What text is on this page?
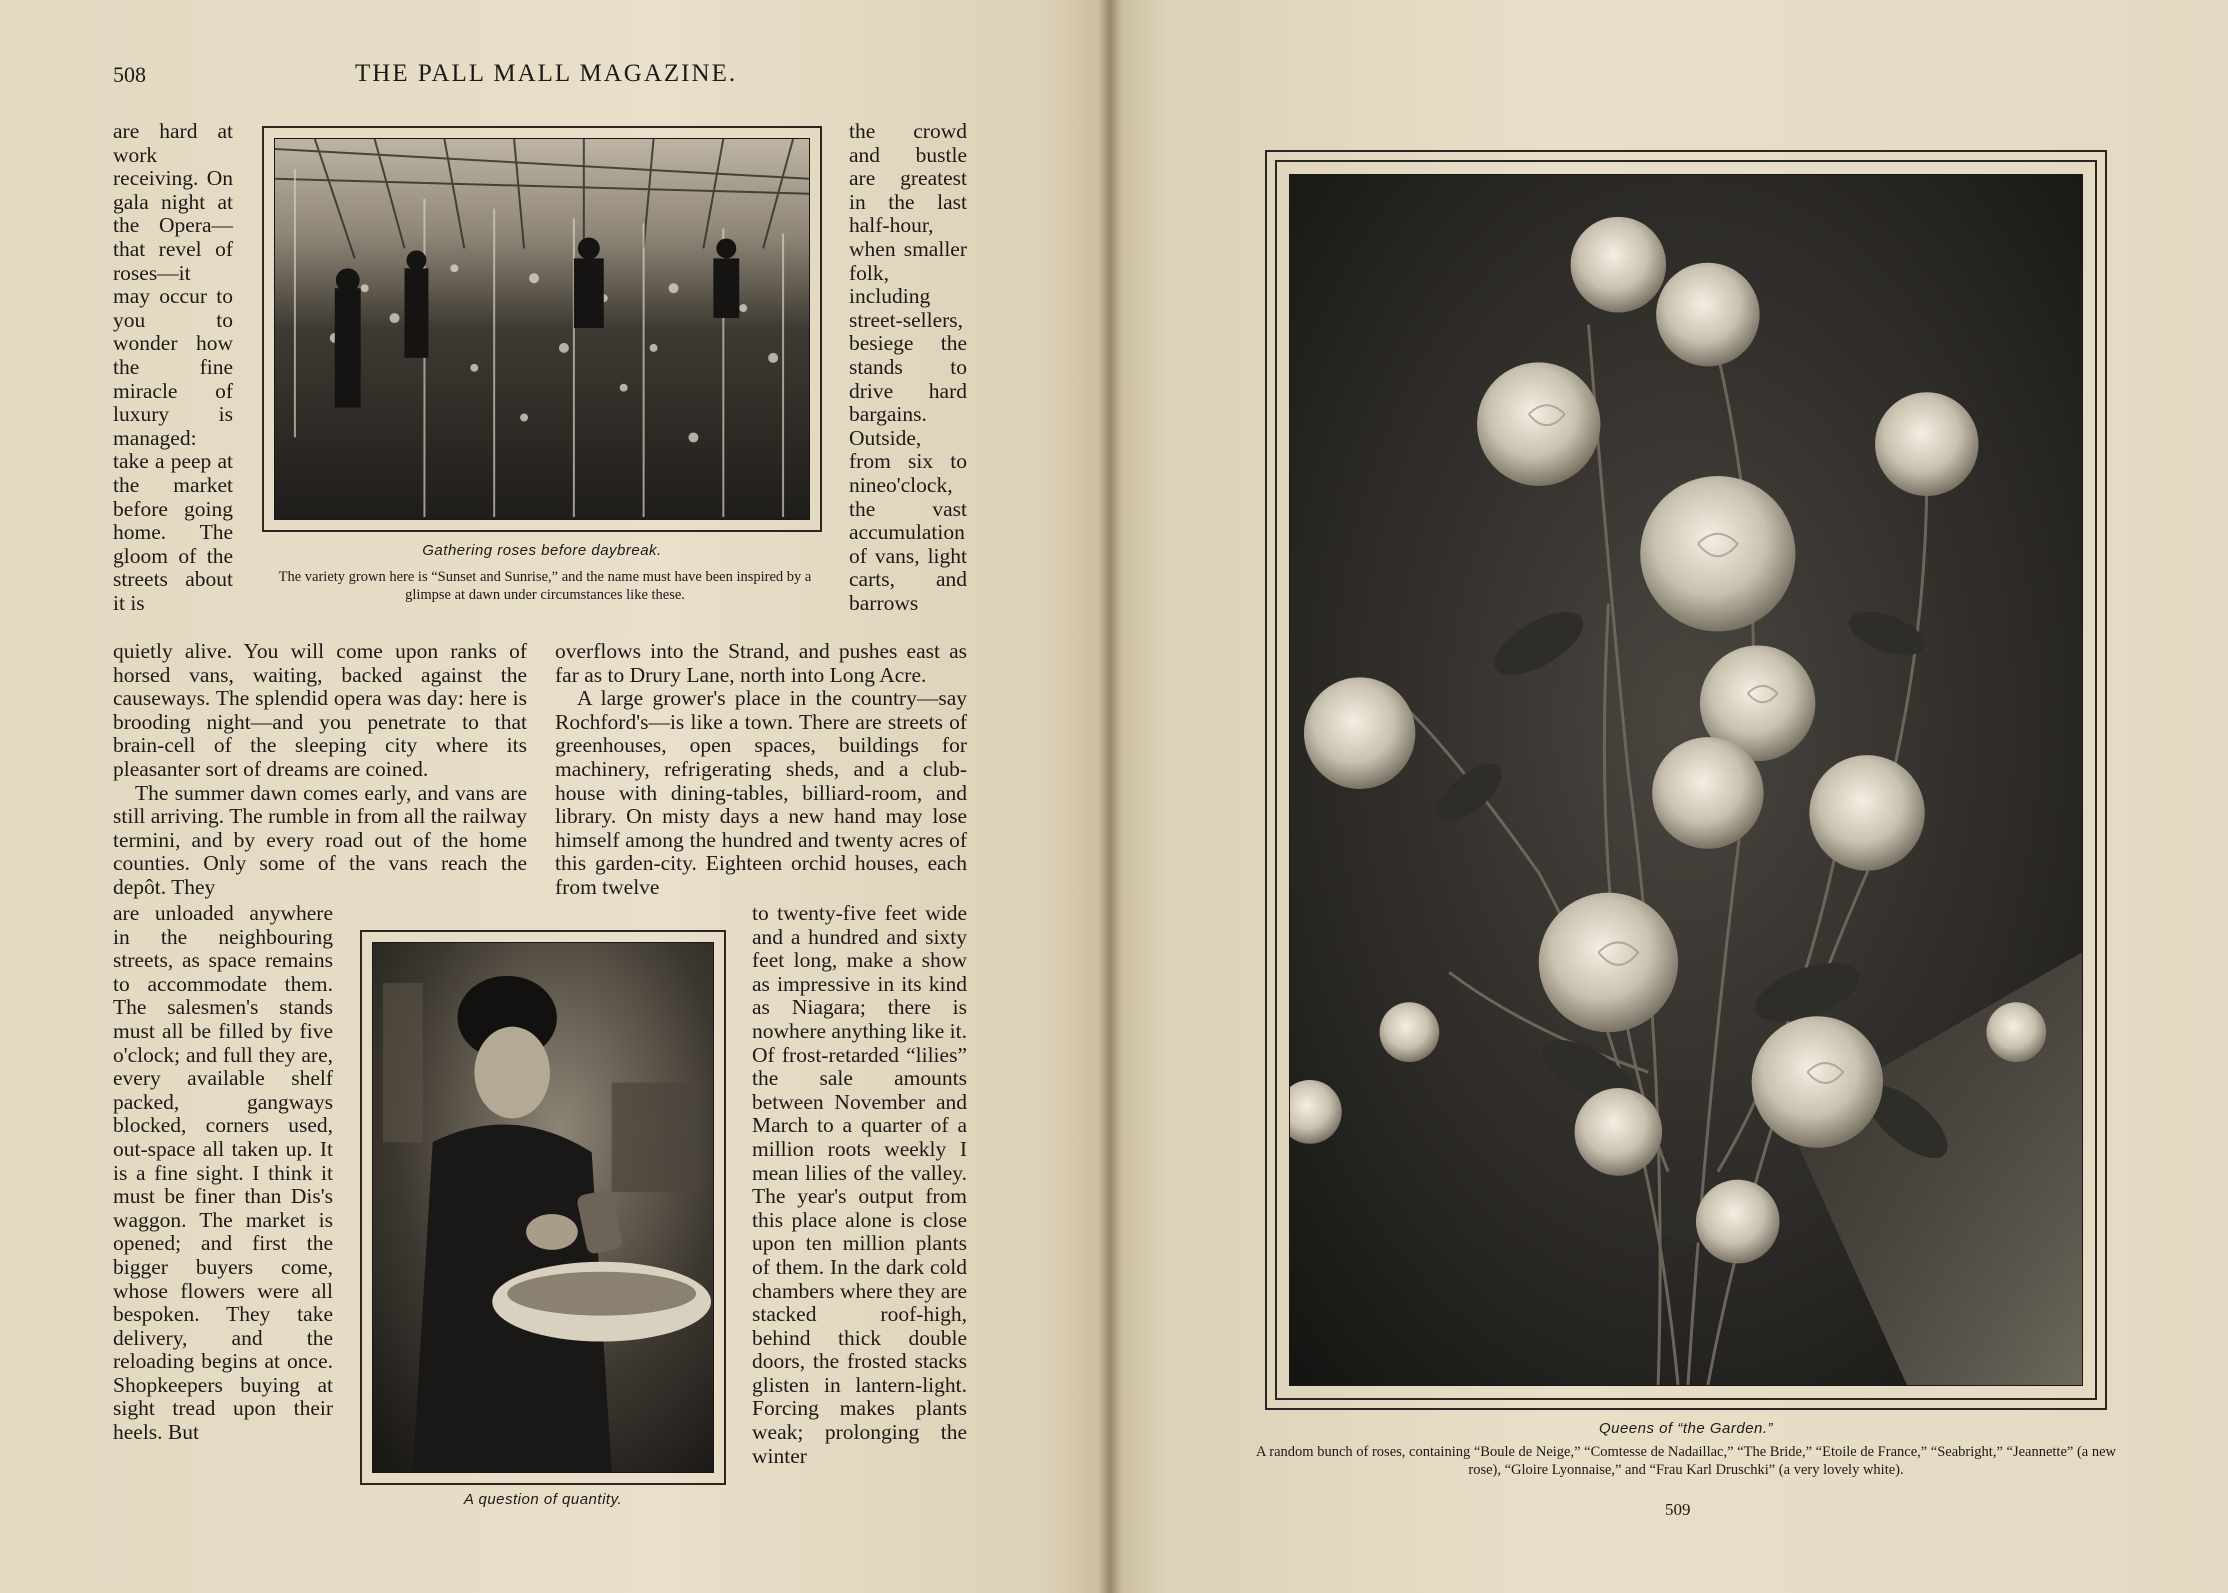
508	THE PALL MALL MAGAZINE.

are hard at work receiving. On gala night at the Opera—that revel of roses—it may occur to you to wonder how the fine miracle of luxury is managed: take a peep at the market before going home. The gloom of the streets about it is

Gathering roses before daybreak.
The variety grown here is “Sunset and Sunrise,” and the name must have been inspired by a glimpse at dawn under circumstances like these.

the crowd and bustle are greatest in the last half-hour, when smaller folk, including street-sellers, besiege the stands to drive hard bargains. Outside, from six to nineo'clock, the vast accumulation of vans, light carts, and barrows

quietly alive. You will come upon ranks of horsed vans, waiting, backed against the causeways. The splendid opera was day: here is brooding night—and you penetrate to that brain-cell of the sleeping city where its pleasanter sort of dreams are coined.

The summer dawn comes early, and vans are still arriving. The rumble in from all the railway termini, and by every road out of the home counties. Only some of the vans reach the depôt. They

overflows into the Strand, and pushes east as far as to Drury Lane, north into Long Acre.

A large grower's place in the country—say Rochford's—is like a town. There are streets of greenhouses, open spaces, buildings for machinery, refrigerating sheds, and a club-house with dining-tables, billiard-room, and library. On misty days a new hand may lose himself among the hundred and twenty acres of this garden-city. Eighteen orchid houses, each from twelve

are unloaded anywhere in the neighbouring streets, as space remains to accommodate them. The salesmen's stands must all be filled by five o'clock; and full they are, every available shelf packed, gangways blocked, corners used, out-space all taken up. It is a fine sight. I think it must be finer than Dis's waggon. The market is opened; and first the bigger buyers come, whose flowers were all bespoken. They take delivery, and the reloading begins at once. Shopkeepers buying at sight tread upon their heels. But

A question of quantity.

to twenty-five feet wide and a hundred and sixty feet long, make a show as impressive in its kind as Niagara; there is nowhere anything like it. Of frost-retarded “lilies” the sale amounts between November and March to a quarter of a million roots weekly I mean lilies of the valley. The year's output from this place alone is close upon ten million plants of them. In the dark cold chambers where they are stacked roof-high, behind thick double doors, the frosted stacks glisten in lantern-light. Forcing makes plants weak; prolonging the winter

Queens of “the Garden.”
A random bunch of roses, containing “Boule de Neige,” “Comtesse de Nadaillac,” “The Bride,” “Etoile de France,” “Seabright,” “Jeannette” (a new rose), “Gloire Lyonnaise,” and “Frau Karl Druschki” (a very lovely white).
509
